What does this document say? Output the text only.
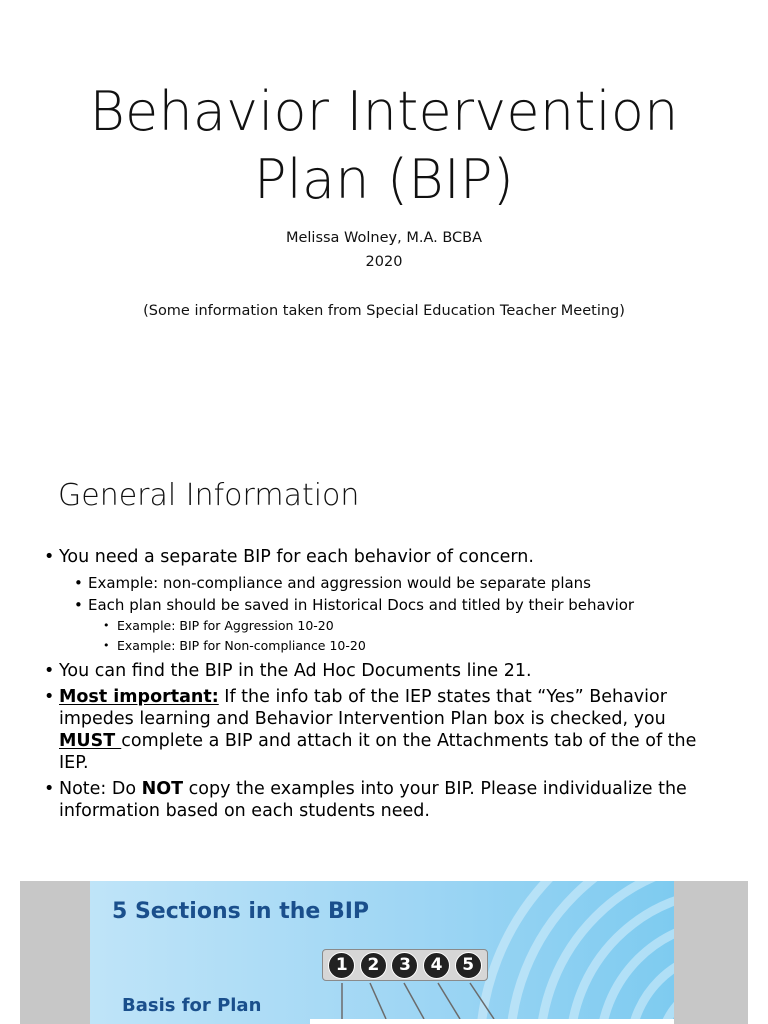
Behavior Intervention
Plan (BIP)
Melissa Wolney, M.A. BCBA
2020
(Some information taken from Special Education Teacher Meeting)
General Information
• You need a separate BIP for each behavior of concern.
• Example: non-compliance and aggression would be separate plans
• Each plan should be saved in Historical Docs and titled by their behavior
• Example: BIP for Aggression 10-20
• Example: BIP for Non-compliance 10-20
• You can find the BIP in the Ad Hoc Documents line 21.
• Most important: If the info tab of the IEP states that “Yes” Behavior impedes learning and Behavior Intervention Plan box is checked, you MUST complete a BIP and attach it on the Attachments tab of the of the IEP.
• Note: Do NOT copy the examples into your BIP. Please individualize the information based on each students need.
5 Sections in the BIP
1	2	3	4	5
Basis for Plan
